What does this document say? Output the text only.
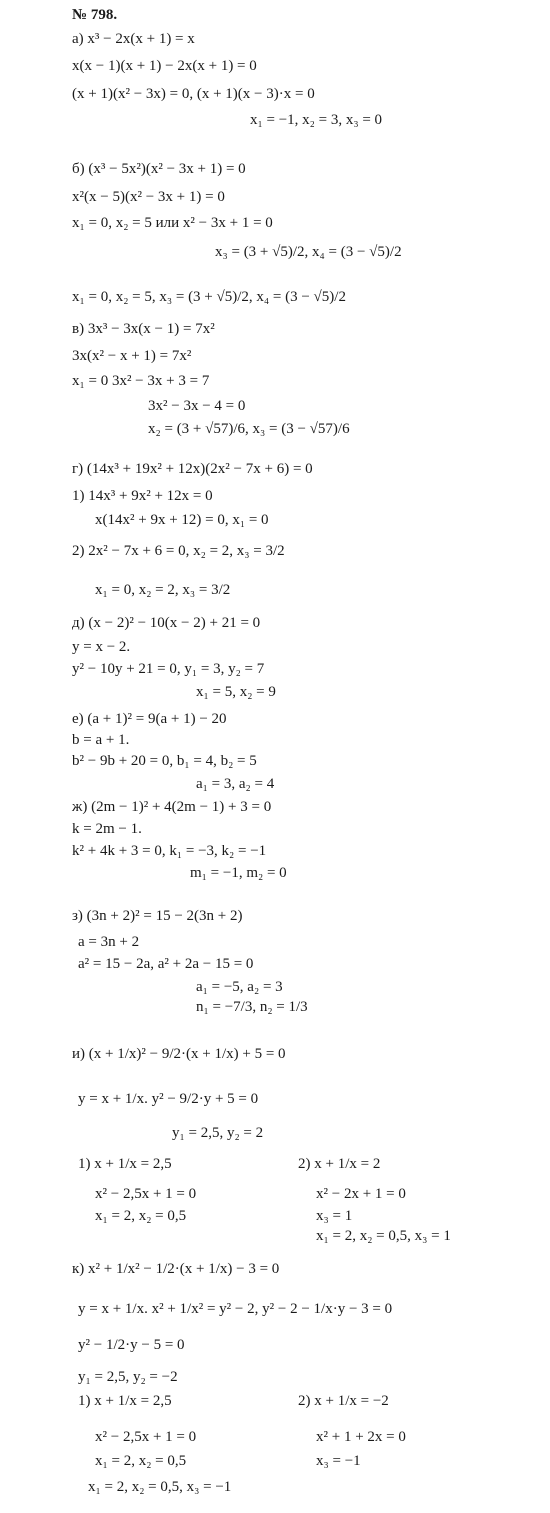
№ 798.
а) x³ − 2x(x + 1) = x
x(x − 1)(x + 1) − 2x(x + 1) = 0
(x + 1)(x² − 3x) = 0, (x + 1)(x − 3)·x = 0
x₁ = −1, x₂ = 3, x₃ = 0
б) (x³ − 5x²)(x² − 3x + 1) = 0
x²(x − 5)(x² − 3x + 1) = 0
x₁ = 0, x₂ = 5 или x² − 3x + 1 = 0
x₃ = (3 + √5)/2, x₄ = (3 − √5)/2
x₁ = 0, x₂ = 5, x₃ = (3 + √5)/2, x₄ = (3 − √5)/2
в) 3x³ − 3x(x − 1) = 7x²
3x(x² − x + 1) = 7x²
x₁ = 0 3x² − 3x + 3 = 7
3x² − 3x − 4 = 0
x₂ = (3 + √57)/6, x₃ = (3 − √57)/6
г) (14x³ + 19x² + 12x)(2x² − 7x + 6) = 0
1) 14x³ + 9x² + 12x = 0
x(14x² + 9x + 12) = 0, x₁ = 0
2) 2x² − 7x + 6 = 0, x₂ = 2, x₃ = 3/2
x₁ = 0, x₂ = 2, x₃ = 3/2
д) (x − 2)² − 10(x − 2) + 21 = 0
y = x − 2.
y² − 10y + 21 = 0, y₁ = 3, y₂ = 7
x₁ = 5, x₂ = 9
е) (a + 1)² = 9(a + 1) − 20
b = a + 1.
b² − 9b + 20 = 0, b₁ = 4, b₂ = 5
a₁ = 3, a₂ = 4
ж) (2m − 1)² + 4(2m − 1) + 3 = 0
k = 2m − 1.
k² + 4k + 3 = 0, k₁ = −3, k₂ = −1
m₁ = −1, m₂ = 0
з) (3n + 2)² = 15 − 2(3n + 2)
a = 3n + 2
a² = 15 − 2a, a² + 2a − 15 = 0
a₁ = −5, a₂ = 3
n₁ = −7/3, n₂ = 1/3
и) (x + 1/x)² − 9/2·(x + 1/x) + 5 = 0
y = x + 1/x. y² − 9/2·y + 5 = 0
y₁ = 2,5, y₂ = 2
1) x + 1/x = 2,5	2) x + 1/x = 2
x² − 2,5x + 1 = 0	x² − 2x + 1 = 0
x₁ = 2, x₂ = 0,5	x₃ = 1
x₁ = 2, x₂ = 0,5, x₃ = 1
к) x² + 1/x² − 1/2·(x + 1/x) − 3 = 0
y = x + 1/x. x² + 1/x² = y² − 2, y² − 2 − 1/x·y − 3 = 0
y² − 1/2·y − 5 = 0
y₁ = 2,5, y₂ = −2
1) x + 1/x = 2,5	2) x + 1/x = −2
x² − 2,5x + 1 = 0	x² + 1 + 2x = 0
x₁ = 2, x₂ = 0,5	x₃ = −1
x₁ = 2, x₂ = 0,5, x₃ = −1
